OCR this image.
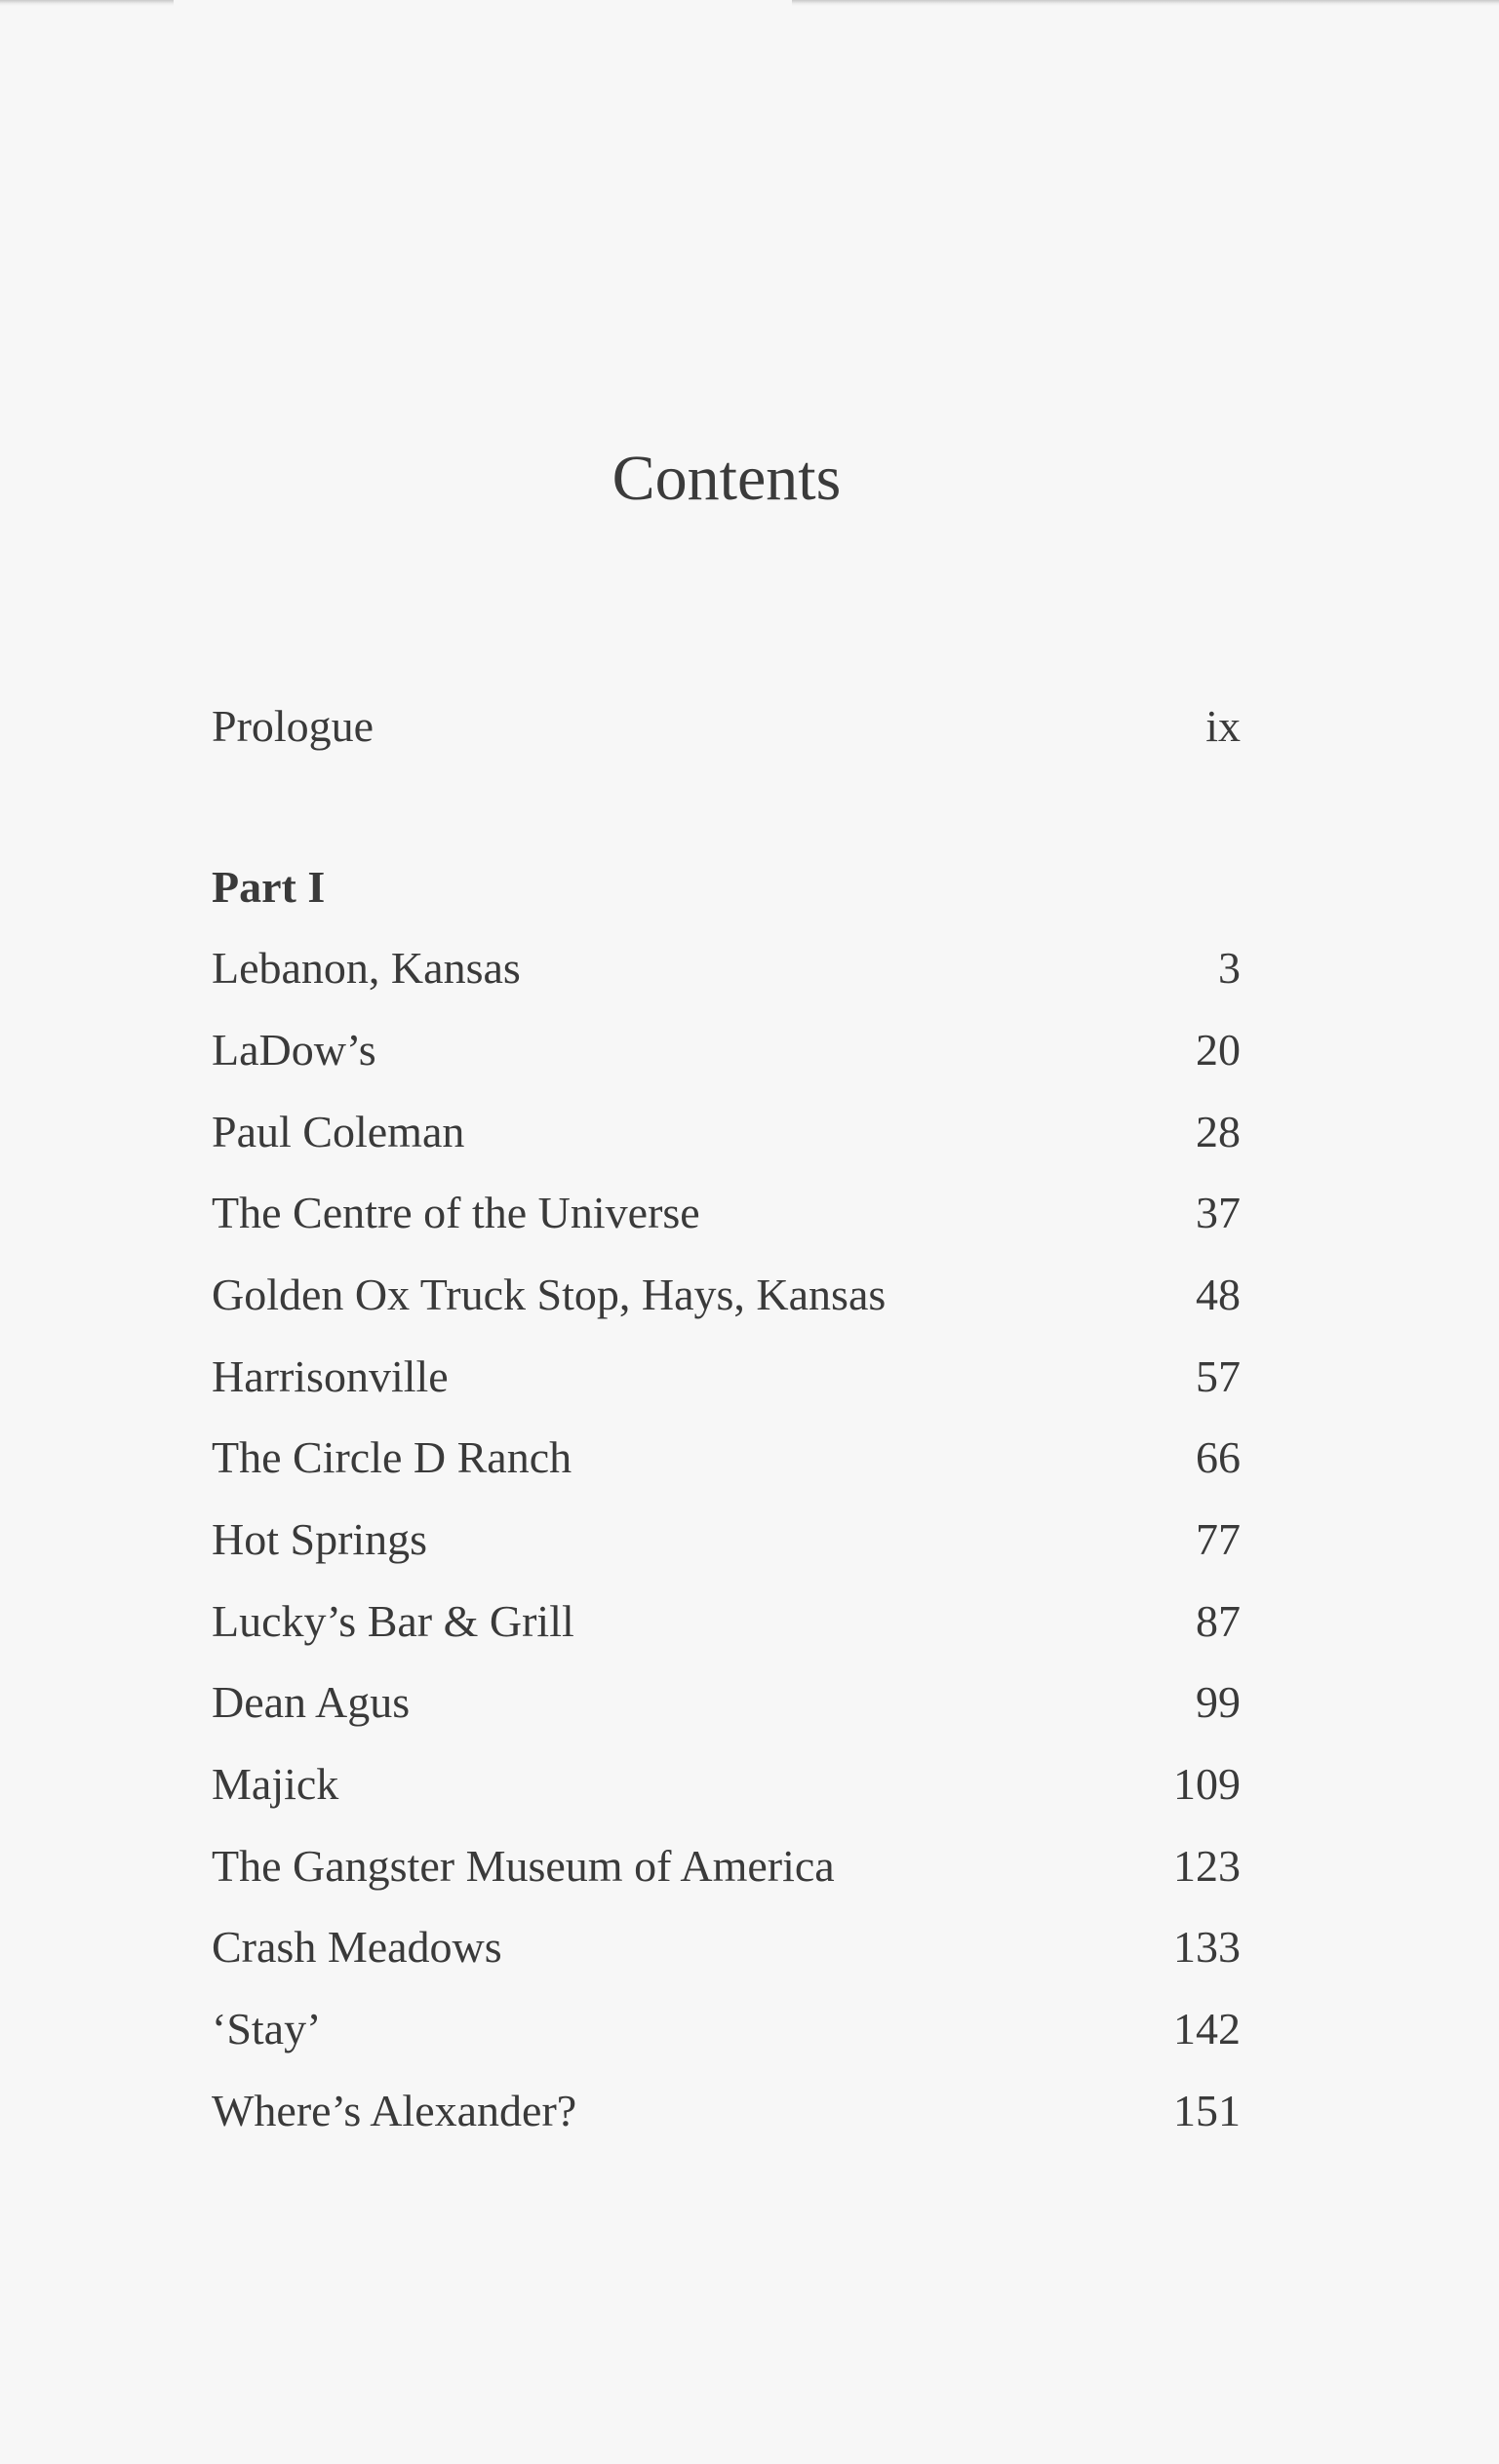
Contents
Prologue	ix
Part I
Lebanon, Kansas	3
LaDow’s	20
Paul Coleman	28
The Centre of the Universe	37
Golden Ox Truck Stop, Hays, Kansas	48
Harrisonville	57
The Circle D Ranch	66
Hot Springs	77
Lucky’s Bar & Grill	87
Dean Agus	99
Majick	109
The Gangster Museum of America	123
Crash Meadows	133
‘Stay’	142
Where’s Alexander?	151
